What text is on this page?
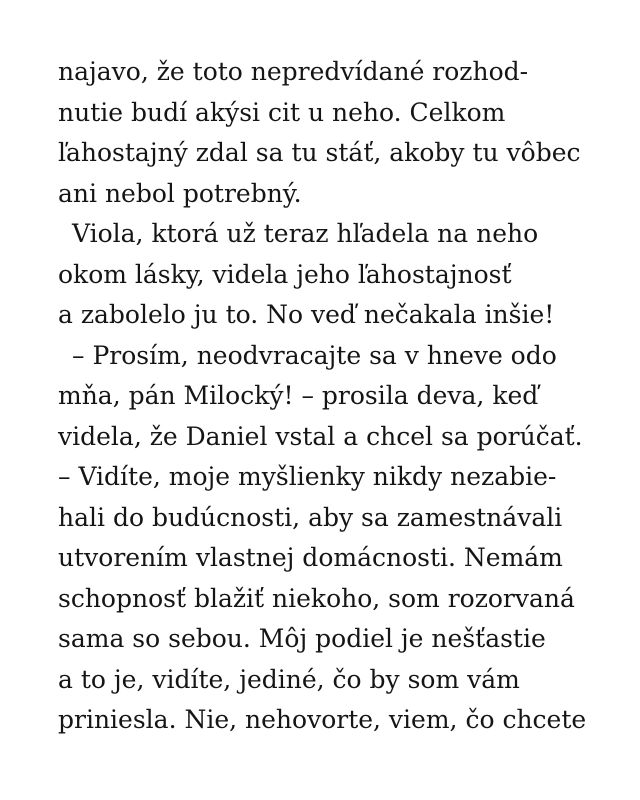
najavo, že toto nepredvídané rozhod-
nutie budí akýsi cit u neho. Celkom
ľahostajný zdal sa tu stáť, akoby tu vôbec
ani nebol potrebný.
Viola, ktorá už teraz hľadela na neho
okom lásky, videla jeho ľahostajnosť
a zabolelo ju to. No veď nečakala inšie!
– Prosím, neodvracajte sa v hneve odo
mňa, pán Milocký! – prosila deva, keď
videla, že Daniel vstal a chcel sa porúčať.
– Vidíte, moje myšlienky nikdy nezabie-
hali do budúcnosti, aby sa zamestnávali
utvorením vlastnej domácnosti. Nemám
schopnosť blažiť niekoho, som rozorvaná
sama so sebou. Môj podiel je nešťastie
a to je, vidíte, jediné, čo by som vám
priniesla. Nie, nehovorte, viem, čo chcete
